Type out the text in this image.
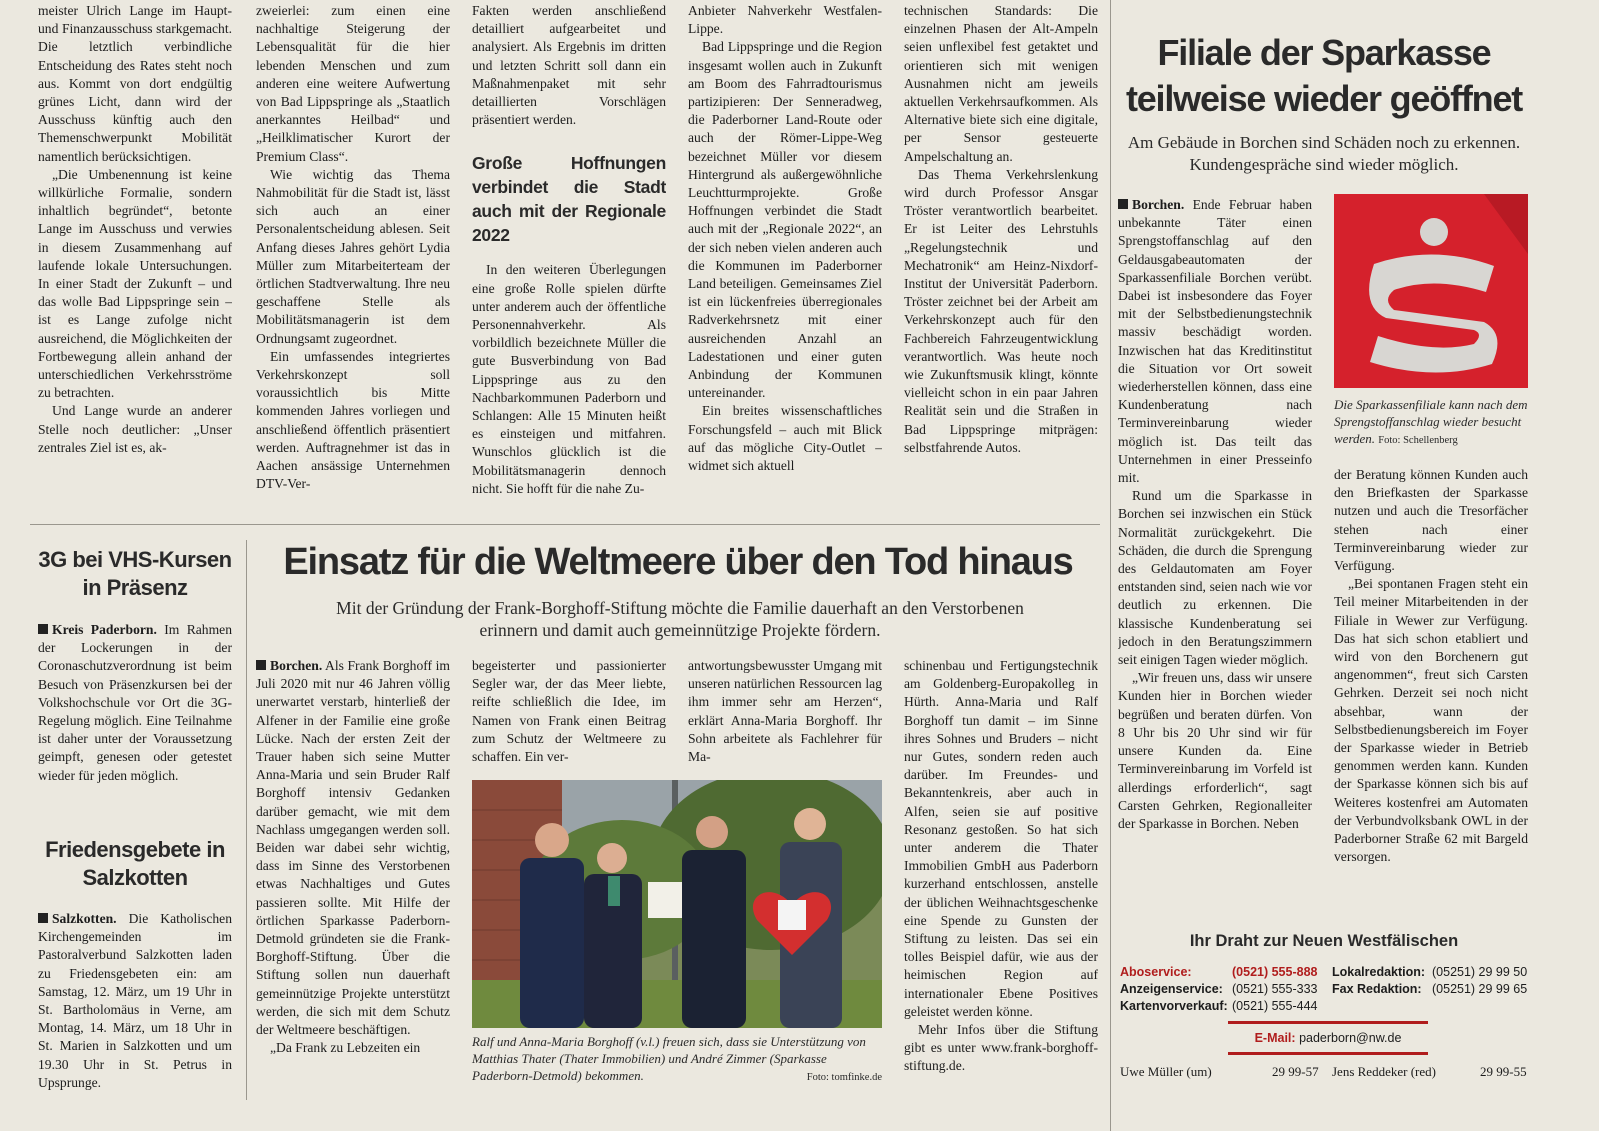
meister Ulrich Lange im Haupt- und Finanzausschuss starkgemacht. Die letztlich verbindliche Entscheidung des Rates steht noch aus. Kommt von dort endgültig grünes Licht, dann wird der Ausschuss künftig auch den Themenschwerpunkt Mobilität namentlich berücksichtigen.

„Die Umbenennung ist keine willkürliche Formalie, sondern inhaltlich begründet“, betonte Lange im Ausschuss und verwies in diesem Zusammenhang auf laufende lokale Untersuchungen. In einer Stadt der Zukunft – und das wolle Bad Lippspringe sein – ist es Lange zufolge nicht ausreichend, die Möglichkeiten der Fortbewegung allein anhand der unterschiedlichen Verkehrsströme zu betrachten.

Und Lange wurde an anderer Stelle noch deutlicher: „Unser zentrales Ziel ist es, ak-

zweierlei: zum einen eine nachhaltige Steigerung der Lebensqualität für die hier lebenden Menschen und zum anderen eine weitere Aufwertung von Bad Lippspringe als „Staatlich anerkanntes Heilbad“ und „Heilklimatischer Kurort der Premium Class“.

Wie wichtig das Thema Nahmobilität für die Stadt ist, lässt sich auch an einer Personalentscheidung ablesen. Seit Anfang dieses Jahres gehört Lydia Müller zum Mitarbeiterteam der örtlichen Stadtverwaltung. Ihre neu geschaffene Stelle als Mobilitätsmanagerin ist dem Ordnungsamt zugeordnet.

Ein umfassendes integriertes Verkehrskonzept soll voraussichtlich bis Mitte kommenden Jahres vorliegen und anschließend öffentlich präsentiert werden. Auftragnehmer ist das in Aachen ansässige Unternehmen DTV-Ver-

Fakten werden anschließend detailliert aufgearbeitet und analysiert. Als Ergebnis im dritten und letzten Schritt soll dann ein Maßnahmenpaket mit sehr detaillierten Vorschlägen präsentiert werden.

Große Hoffnungen verbindet die Stadt auch mit der Regionale 2022

In den weiteren Überlegungen eine große Rolle spielen dürfte unter anderem auch der öffentliche Personennahverkehr. Als vorbildlich bezeichnete Müller die gute Busverbindung von Bad Lippspringe aus zu den Nachbarkommunen Paderborn und Schlangen: Alle 15 Minuten heißt es einsteigen und mitfahren. Wunschlos glücklich ist die Mobilitätsmanagerin dennoch nicht. Sie hofft für die nahe Zu-

Anbieter Nahverkehr Westfalen-Lippe.

Bad Lippspringe und die Region insgesamt wollen auch in Zukunft am Boom des Fahrradtourismus partizipieren: Der Senneradweg, die Paderborner Land-Route oder auch der Römer-Lippe-Weg bezeichnet Müller vor diesem Hintergrund als außergewöhnliche Leuchtturmprojekte. Große Hoffnungen verbindet die Stadt auch mit der „Regionale 2022“, an der sich neben vielen anderen auch die Kommunen im Paderborner Land beteiligen. Gemeinsames Ziel ist ein lückenfreies überregionales Radverkehrsnetz mit einer ausreichenden Anzahl an Ladestationen und einer guten Anbindung der Kommunen untereinander.

Ein breites wissenschaftliches Forschungsfeld – auch mit Blick auf das mögliche City-Outlet – widmet sich aktuell

technischen Standards: Die einzelnen Phasen der Alt-Ampeln seien unflexibel fest getaktet und orientieren sich mit wenigen Ausnahmen nicht am jeweils aktuellen Verkehrsaufkommen. Als Alternative biete sich eine digitale, per Sensor gesteuerte Ampelschaltung an.

Das Thema Verkehrslenkung wird durch Professor Ansgar Tröster verantwortlich bearbeitet. Er ist Leiter des Lehrstuhls „Regelungstechnik und Mechatronik“ am Heinz-Nixdorf-Institut der Universität Paderborn. Tröster zeichnet bei der Arbeit am Verkehrskonzept auch für den Fachbereich Fahrzeugentwicklung verantwortlich. Was heute noch wie Zukunftsmusik klingt, könnte vielleicht schon in ein paar Jahren Realität sein und die Straßen in Bad Lippspringe mitprägen: selbstfahrende Autos.

3G bei VHS-Kursen in Präsenz

Kreis Paderborn. Im Rahmen der Lockerungen in der Coronaschutzverordnung ist beim Besuch von Präsenzkursen bei der Volkshochschule vor Ort die 3G-Regelung möglich. Eine Teilnahme ist daher unter der Voraussetzung geimpft, genesen oder getestet wieder für jeden möglich.

Friedensgebete in Salzkotten

Salzkotten. Die Katholischen Kirchengemeinden im Pastoralverbund Salzkotten laden zu Friedensgebeten ein: am Samstag, 12. März, um 19 Uhr in St. Bartholomäus in Verne, am Montag, 14. März, um 18 Uhr in St. Marien in Salzkotten und um 19.30 Uhr in St. Petrus in Upsprunge.

Einsatz für die Weltmeere über den Tod hinaus
Mit der Gründung der Frank-Borghoff-Stiftung möchte die Familie dauerhaft an den Verstorbenen erinnern und damit auch gemeinnützige Projekte fördern.

Borchen. Als Frank Borghoff im Juli 2020 mit nur 46 Jahren völlig unerwartet verstarb, hinterließ der Alfener in der Familie eine große Lücke. Nach der ersten Zeit der Trauer haben sich seine Mutter Anna-Maria und sein Bruder Ralf Borghoff intensiv Gedanken darüber gemacht, wie mit dem Nachlass umgegangen werden soll. Beiden war dabei sehr wichtig, dass im Sinne des Verstorbenen etwas Nachhaltiges und Gutes passieren sollte. Mit Hilfe der örtlichen Sparkasse Paderborn-Detmold gründeten sie die Frank-Borghoff-Stiftung. Über die Stiftung sollen nun dauerhaft gemeinnützige Projekte unterstützt werden, die sich mit dem Schutz der Weltmeere beschäftigen.

„Da Frank zu Lebzeiten ein

begeisterter und passionierter Segler war, der das Meer liebte, reifte schließlich die Idee, im Namen von Frank einen Beitrag zum Schutz der Weltmeere zu schaffen. Ein ver-

antwortungsbewusster Umgang mit unseren natürlichen Ressourcen lag ihm immer sehr am Herzen“, erklärt Anna-Maria Borghoff. Ihr Sohn arbeitete als Fachlehrer für Ma-

schinenbau und Fertigungstechnik am Goldenberg-Europakolleg in Hürth. Anna-Maria und Ralf Borghoff tun damit – im Sinne ihres Sohnes und Bruders – nicht nur Gutes, sondern reden auch darüber. Im Freundes- und Bekanntenkreis, aber auch in Alfen, seien sie auf positive Resonanz gestoßen. So hat sich unter anderem die Thater Immobilien GmbH aus Paderborn kurzerhand entschlossen, anstelle der üblichen Weihnachtsgeschenke eine Spende zu Gunsten der Stiftung zu leisten. Das sei ein tolles Beispiel dafür, wie aus der heimischen Region auf internationaler Ebene Positives geleistet werden könne.

Mehr Infos über die Stiftung gibt es unter www.frank-borghoff-stiftung.de.

Ralf und Anna-Maria Borghoff (v.l.) freuen sich, dass sie Unterstützung von Matthias Thater (Thater Immobilien) und André Zimmer (Sparkasse Paderborn-Detmold) bekommen.	Foto: tomfinke.de
Filiale der Sparkasse teilweise wieder geöffnet
Am Gebäude in Borchen sind Schäden noch zu erkennen. Kundengespräche sind wieder möglich.
Die Sparkassenfiliale kann nach dem Sprengstoffanschlag wieder besucht werden. Foto: Schellenberg

Borchen. Ende Februar haben unbekannte Täter einen Sprengstoffanschlag auf den Geldausgabeautomaten der Sparkassenfiliale Borchen verübt. Dabei ist insbesondere das Foyer mit der Selbstbedienungstechnik massiv beschädigt worden. Inzwischen hat das Kreditinstitut die Situation vor Ort soweit wiederherstellen können, dass eine Kundenberatung nach Terminvereinbarung wieder möglich ist. Das teilt das Unternehmen in einer Presseinfo mit.

Rund um die Sparkasse in Borchen sei inzwischen ein Stück Normalität zurückgekehrt. Die Schäden, die durch die Sprengung des Geldautomaten am Foyer entstanden sind, seien nach wie vor deutlich zu erkennen. Die klassische Kundenberatung sei jedoch in den Beratungszimmern seit einigen Tagen wieder möglich.

„Wir freuen uns, dass wir unsere Kunden hier in Borchen wieder begrüßen und beraten dürfen. Von 8 Uhr bis 20 Uhr sind wir für unsere Kunden da. Eine Terminvereinbarung im Vorfeld ist allerdings erforderlich“, sagt Carsten Gehrken, Regionalleiter der Sparkasse in Borchen. Neben

der Beratung können Kunden auch den Briefkasten der Sparkasse nutzen und auch die Tresorfächer stehen nach einer Terminvereinbarung wieder zur Verfügung.

„Bei spontanen Fragen steht ein Teil meiner Mitarbeitenden in der Filiale in Wewer zur Verfügung. Das hat sich schon etabliert und wird von den Borchenern gut angenommen“, freut sich Carsten Gehrken. Derzeit sei noch nicht absehbar, wann der Selbstbedienungsbereich im Foyer der Sparkasse wieder in Betrieb genommen werden kann. Kunden der Sparkasse können sich bis auf Weiteres kostenfrei am Automaten der Verbundvolksbank OWL in der Paderborner Straße 62 mit Bargeld versorgen.

Ihr Draht zur Neuen Westfälischen
Aboservice:	(0521) 555-888 Lokalredaktion: (05251) 29 99 50
Anzeigenservice: (0521) 555-333 Fax Redaktion: (05251) 29 99 65
Kartenvorverkauf: (0521) 555-444
E-Mail: paderborn@nw.de
Uwe Müller (um)	29 99-57 Jens Reddeker (red)	29 99-55
